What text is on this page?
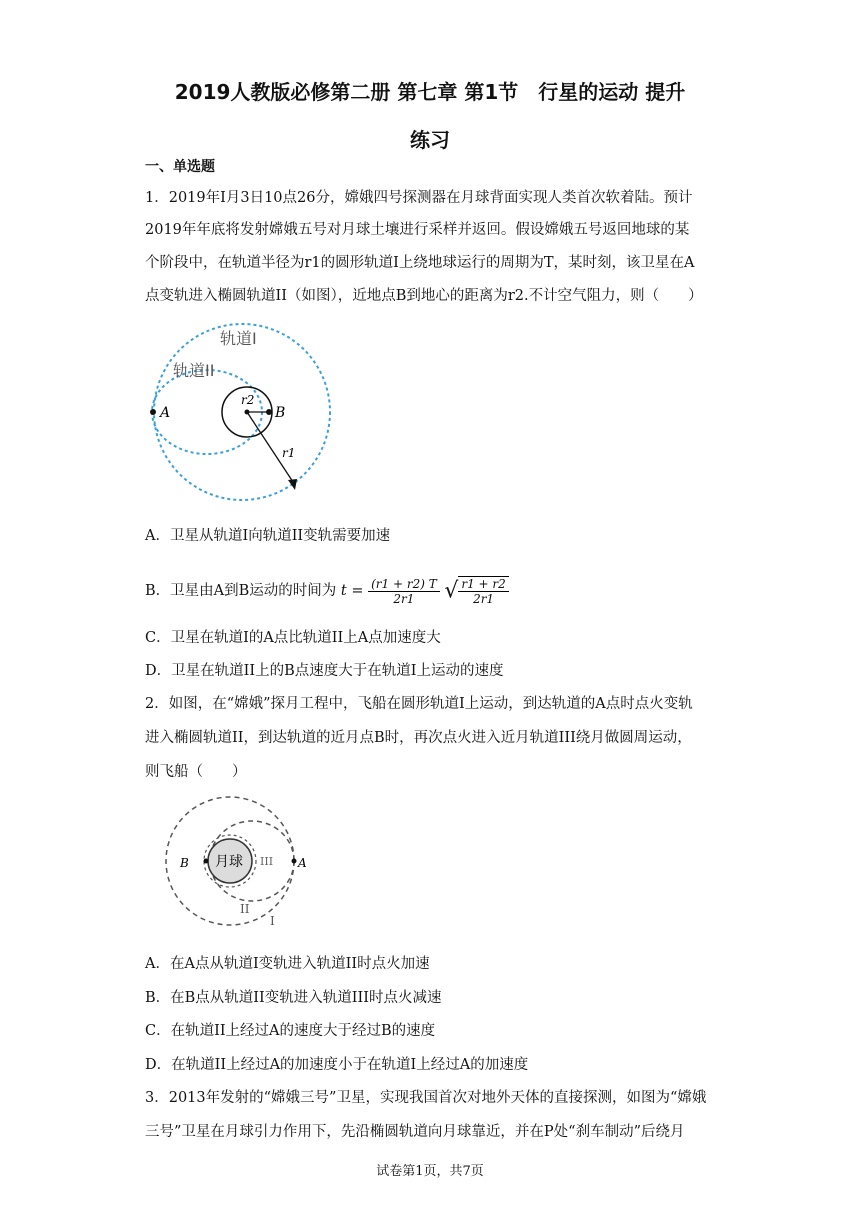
2019人教版必修第二册 第七章 第1节　行星的运动 提升
练习
一、单选题
1．2019年I月3日10点26分，嫦娥四号探测器在月球背面实现人类首次软着陆。预计
2019年年底将发射嫦娥五号对月球土壤进行采样并返回。假设嫦娥五号返回地球的某
个阶段中，在轨道半径为r1的圆形轨道I上绕地球运行的周期为T，某时刻，该卫星在A
点变轨进入椭圆轨道II（如图），近地点B到地心的距离为r2.不计空气阻力，则（　　）
轨道I
轨道II
A	B
r2
r1
A．卫星从轨道I向轨道II变轨需要加速
B．卫星由A到B运动的时间为 $t = \frac{(r1 + r2) T}{2r1}$ √ $\frac{r1 + r2}{2r1}$
C．卫星在轨道I的A点比轨道II上A点加速度大
D．卫星在轨道II上的B点速度大于在轨道I上运动的速度
2．如图，在“嫦娥”探月工程中，飞船在圆形轨道I上运动，到达轨道的A点时点火变轨
进入椭圆轨道II，到达轨道的近月点B时，再次点火进入近月轨道III绕月做圆周运动，
则飞船（　　）
月球
B	A
III
II
I
A．在A点从轨道I变轨进入轨道II时点火加速
B．在B点从轨道II变轨进入轨道III时点火减速
C．在轨道II上经过A的速度大于经过B的速度
D．在轨道II上经过A的加速度小于在轨道I上经过A的加速度
3．2013年发射的“嫦娥三号”卫星，实现我国首次对地外天体的直接探测，如图为“嫦娥
三号”卫星在月球引力作用下，先沿椭圆轨道向月球靠近，并在P处“刹车制动”后绕月
试卷第1页，共7页
